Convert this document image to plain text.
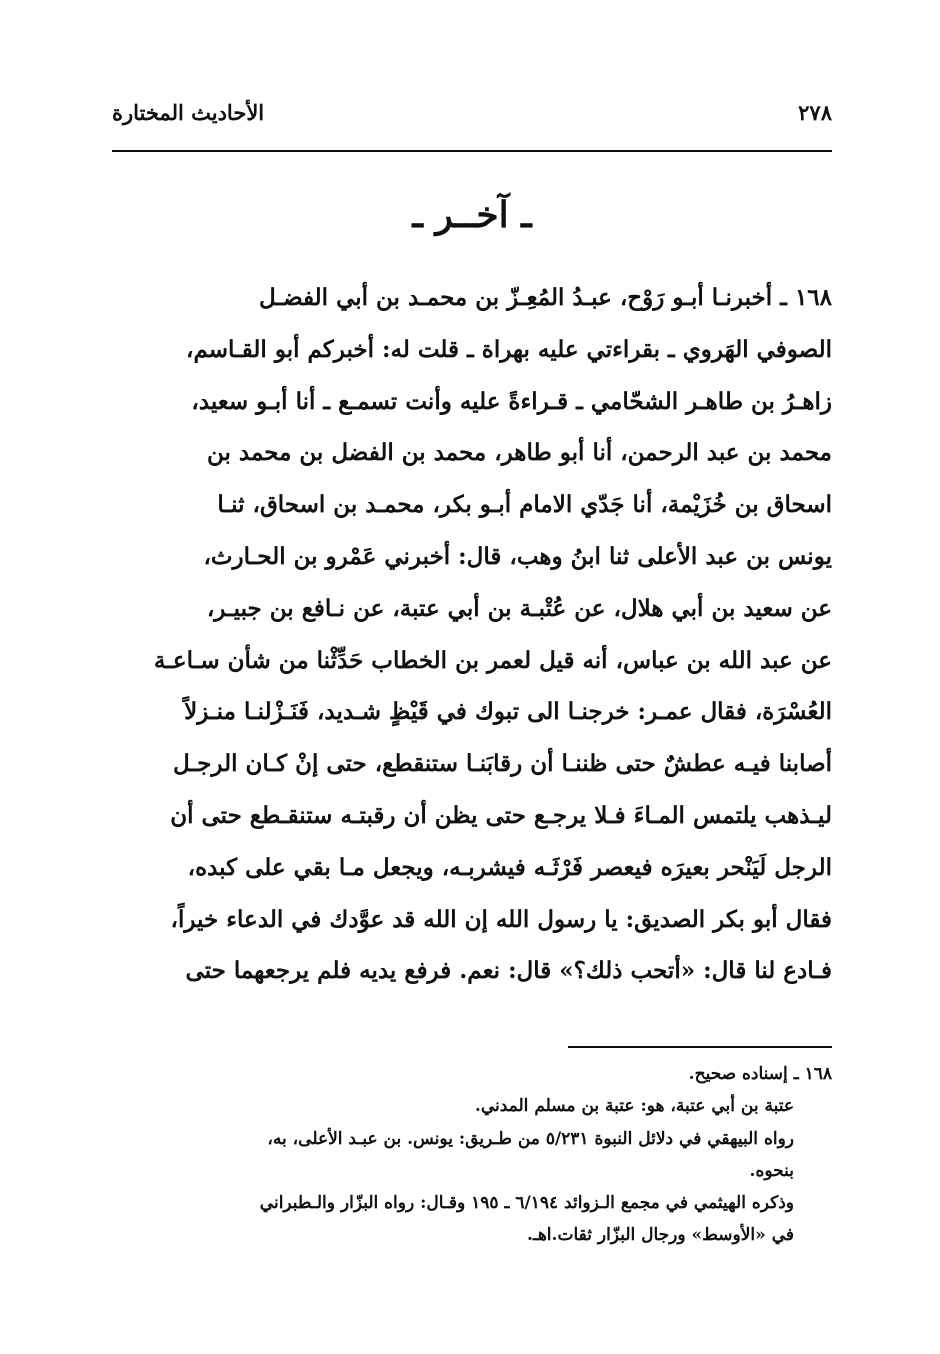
٢٧٨
الأحاديث المختارة
ـ آخــر ـ
١٦٨ ـ أخبرنـا أبـو رَوْح، عبـدُ المُعِـزّ بن محمـد بن أبي الفضـل
الصوفي الهَروي ـ بقراءتي عليه بهراة ـ قلت له: أخبركم أبو القـاسم،
زاهـرُ بن طاهـر الشحّامي ـ قـراءةً عليه وأنت تسمـع ـ أنا أبـو سعيد،
محمد بن عبد الرحمن، أنا أبو طاهر، محمد بن الفضل بن محمد بن
اسحاق بن خُزَيْمة، أنا جَدّي الامام أبـو بكر، محمـد بن اسحاق، ثنـا
يونس بن عبد الأعلى ثنا ابنُ وهب، قال: أخبرني عَمْرو بن الحـارث،
عن سعيد بن أبي هلال، عن عُتْبـة بن أبي عتبة، عن نـافع بن جبيـر،
عن عبد الله بن عباس، أنه قيل لعمر بن الخطاب حَدِّثْنا من شأن سـاعـة
العُسْرَة، فقال عمـر: خرجنـا الى تبوك في قَيْظٍ شـديد، فَنَـزْلنـا منـزلاً
أصابنا فيـه عطشٌ حتى ظننـا أن رقابَنـا ستنقطع، حتى إنْ كـان الرجـل
ليـذهب يلتمس المـاءَ فـلا يرجـع حتى يظن أن رقبتـه ستنقـطع حتى أن
الرجل لَيَنْحر بعيرَه فيعصر فَرْثَـه فيشربـه، ويجعل مـا بقي على كبده،
فقال أبو بكر الصديق: يا رسول الله إن الله قد عوَّدك في الدعاء خيراً،
فـادع لنا قال: «أتحب ذلك؟» قال: نعم. فرفع يديه فلم يرجعهما حتى
١٦٨ ـ إسناده صحيح.
عتبة بن أبي عتبة، هو: عتبة بن مسلم المدني.
رواه البيهقي في دلائل النبوة ٥/٢٣١ من طـريق: يونس. بن عبـد الأعلى، به،
بنحوه.
وذكره الهيثمي في مجمع الـزوائد ٦/١٩٤ ـ ١٩٥ وقـال: رواه البزّار والـطبراني
في «الأوسط» ورجال البزّار ثقات.اهـ.
